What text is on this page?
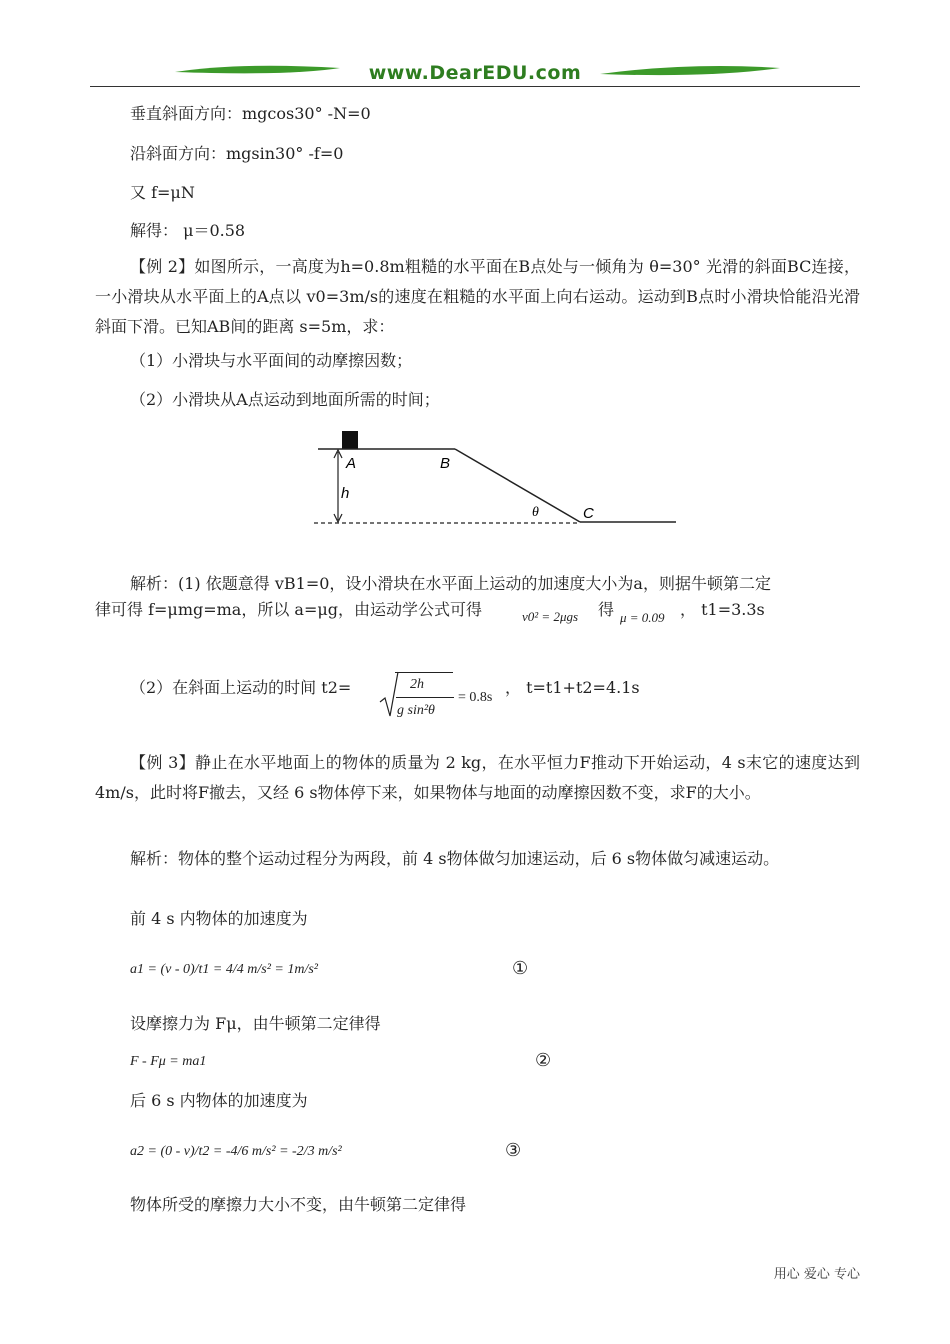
www.DearEDU.com
垂直斜面方向：mgcos30° -N=0
沿斜面方向：mgsin30° -f=0
又 f=μN
解得： μ＝0.58
【例 2】如图所示，一高度为h=0.8m粗糙的水平面在B点处与一倾角为 θ=30° 光滑的斜面BC连接，一小滑块从水平面上的A点以 v0=3m/s的速度在粗糙的水平面上向右运动。运动到B点时小滑块恰能沿光滑斜面下滑。已知AB间的距离 s=5m，求：
（1）小滑块与水平面间的动摩擦因数；
（2）小滑块从A点运动到地面所需的时间；
A	B
C
h
θ
解析：(1) 依题意得 vB1=0，设小滑块在水平面上运动的加速度大小为a，则据牛顿第二定
律可得 f=μmg=ma，所以 a=μg，由运动学公式可得	v0² = 2μgs 得 μ = 0.09 ， t1=3.3s
（2）在斜面上运动的时间 t2=	2h
g sin²θ
= 0.8s
， t=t1+t2=4.1s
【例 3】静止在水平地面上的物体的质量为 2 kg，在水平恒力F推动下开始运动，4 s末它的速度达到 4m/s，此时将F撤去，又经 6 s物体停下来，如果物体与地面的动摩擦因数不变，求F的大小。
解析：物体的整个运动过程分为两段，前 4 s物体做匀加速运动，后 6 s物体做匀减速运动。
前 4 s 内物体的加速度为
a1 = (v - 0)/t1 = 4/4 m/s² = 1m/s²	①
设摩擦力为 Fμ，由牛顿第二定律得
F - Fμ = ma1	②
后 6 s 内物体的加速度为
a2 = (0 - v)/t2 = -4/6 m/s² = -2/3 m/s²	③
物体所受的摩擦力大小不变，由牛顿第二定律得
用心 爱心 专心
